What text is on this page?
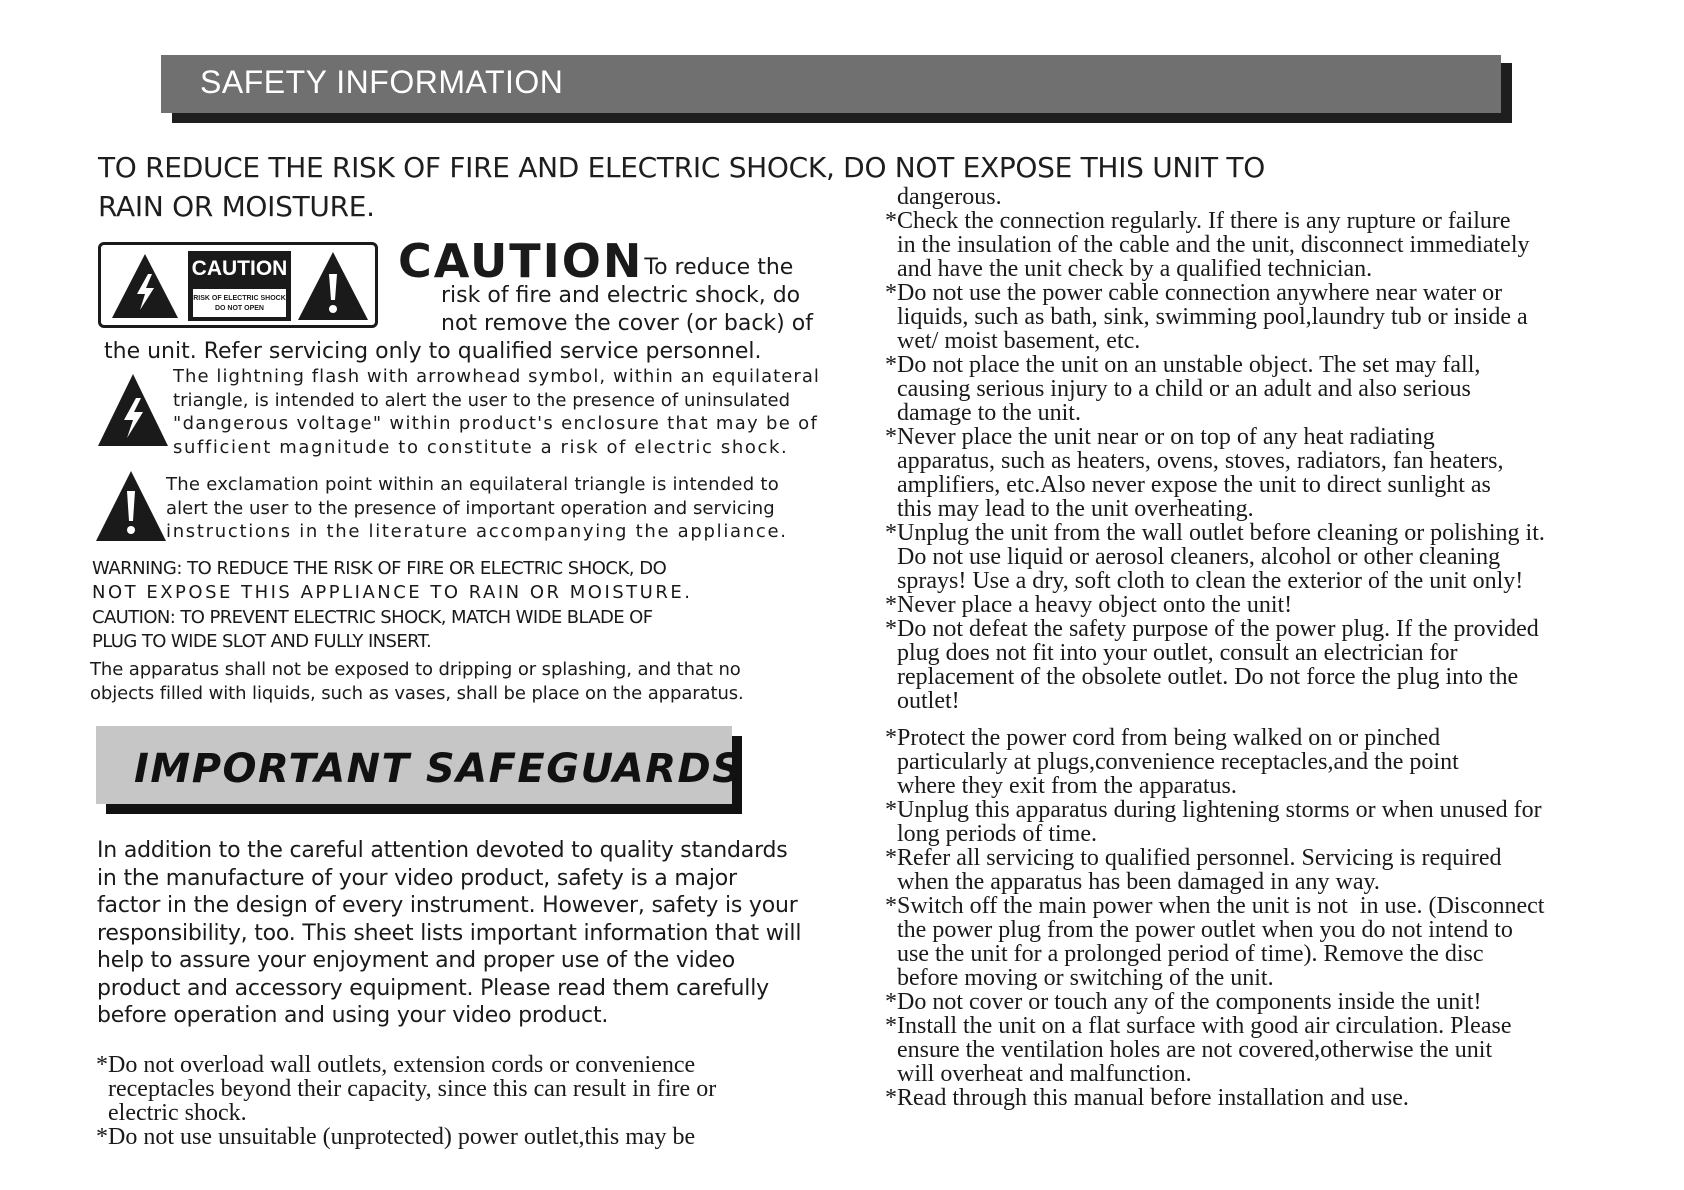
SAFETY INFORMATION
TO REDUCE THE RISK OF FIRE AND ELECTRIC SHOCK, DO NOT EXPOSE THIS UNIT TO
RAIN OR MOISTURE.
CAUTION
RISK OF ELECTRIC SHOCK
DO NOT OPEN
CAUTION
: To reduce the
risk of fire and electric shock, do
not remove the cover (or back) of
the unit. Refer servicing only to qualified service personnel.
The lightning flash with arrowhead symbol, within an equilateral
triangle, is intended to alert the user to the presence of uninsulated
"dangerous voltage" within product's enclosure that may be of
sufficient magnitude to constitute a risk of electric shock.
The exclamation point within an equilateral triangle is intended to
alert the user to the presence of important operation and servicing
instructions in the literature accompanying the appliance.
WARNING: TO REDUCE THE RISK OF FIRE OR ELECTRIC SHOCK, DO
NOT EXPOSE THIS APPLIANCE TO RAIN OR MOISTURE.
CAUTION: TO PREVENT ELECTRIC SHOCK, MATCH WIDE BLADE OF
PLUG TO WIDE SLOT AND FULLY INSERT.
The apparatus shall not be exposed to dripping or splashing, and that no
objects filled with liquids, such as vases, shall be place on the apparatus.
IMPORTANT SAFEGUARDS
In addition to the careful attention devoted to quality standards
in the manufacture of your video product, safety is a major
factor in the design of every instrument. However, safety is your
responsibility, too. This sheet lists important information that will
help to assure your enjoyment and proper use of the video
product and accessory equipment. Please read them carefully
before operation and using your video product.
*Do not overload wall outlets, extension cords or convenience
receptacles beyond their capacity, since this can result in fire or
electric shock.
*Do not use unsuitable (unprotected) power outlet,this may be
dangerous.
*Check the connection regularly. If there is any rupture or failure
in the insulation of the cable and the unit, disconnect immediately
and have the unit check by a qualified technician.
*Do not use the power cable connection anywhere near water or
liquids, such as bath, sink, swimming pool,laundry tub or inside a
wet/ moist basement, etc.
*Do not place the unit on an unstable object. The set may fall,
causing serious injury to a child or an adult and also serious
damage to the unit.
*Never place the unit near or on top of any heat radiating
apparatus, such as heaters, ovens, stoves, radiators, fan heaters,
amplifiers, etc.Also never expose the unit to direct sunlight as
this may lead to the unit overheating.
*Unplug the unit from the wall outlet before cleaning or polishing it.
Do not use liquid or aerosol cleaners, alcohol or other cleaning
sprays! Use a dry, soft cloth to clean the exterior of the unit only!
*Never place a heavy object onto the unit!
*Do not defeat the safety purpose of the power plug. If the provided
plug does not fit into your outlet, consult an electrician for
replacement of the obsolete outlet. Do not force the plug into the
outlet!
*Protect the power cord from being walked on or pinched
particularly at plugs,convenience receptacles,and the point
where they exit from the apparatus.
*Unplug this apparatus during lightening storms or when unused for
long periods of time.
*Refer all servicing to qualified personnel. Servicing is required
when the apparatus has been damaged in any way.
*Switch off the main power when the unit is not  in use. (Disconnect
the power plug from the power outlet when you do not intend to
use the unit for a prolonged period of time). Remove the disc
before moving or switching of the unit.
*Do not cover or touch any of the components inside the unit!
*Install the unit on a flat surface with good air circulation. Please
ensure the ventilation holes are not covered,otherwise the unit
will overheat and malfunction.
*Read through this manual before installation and use.
